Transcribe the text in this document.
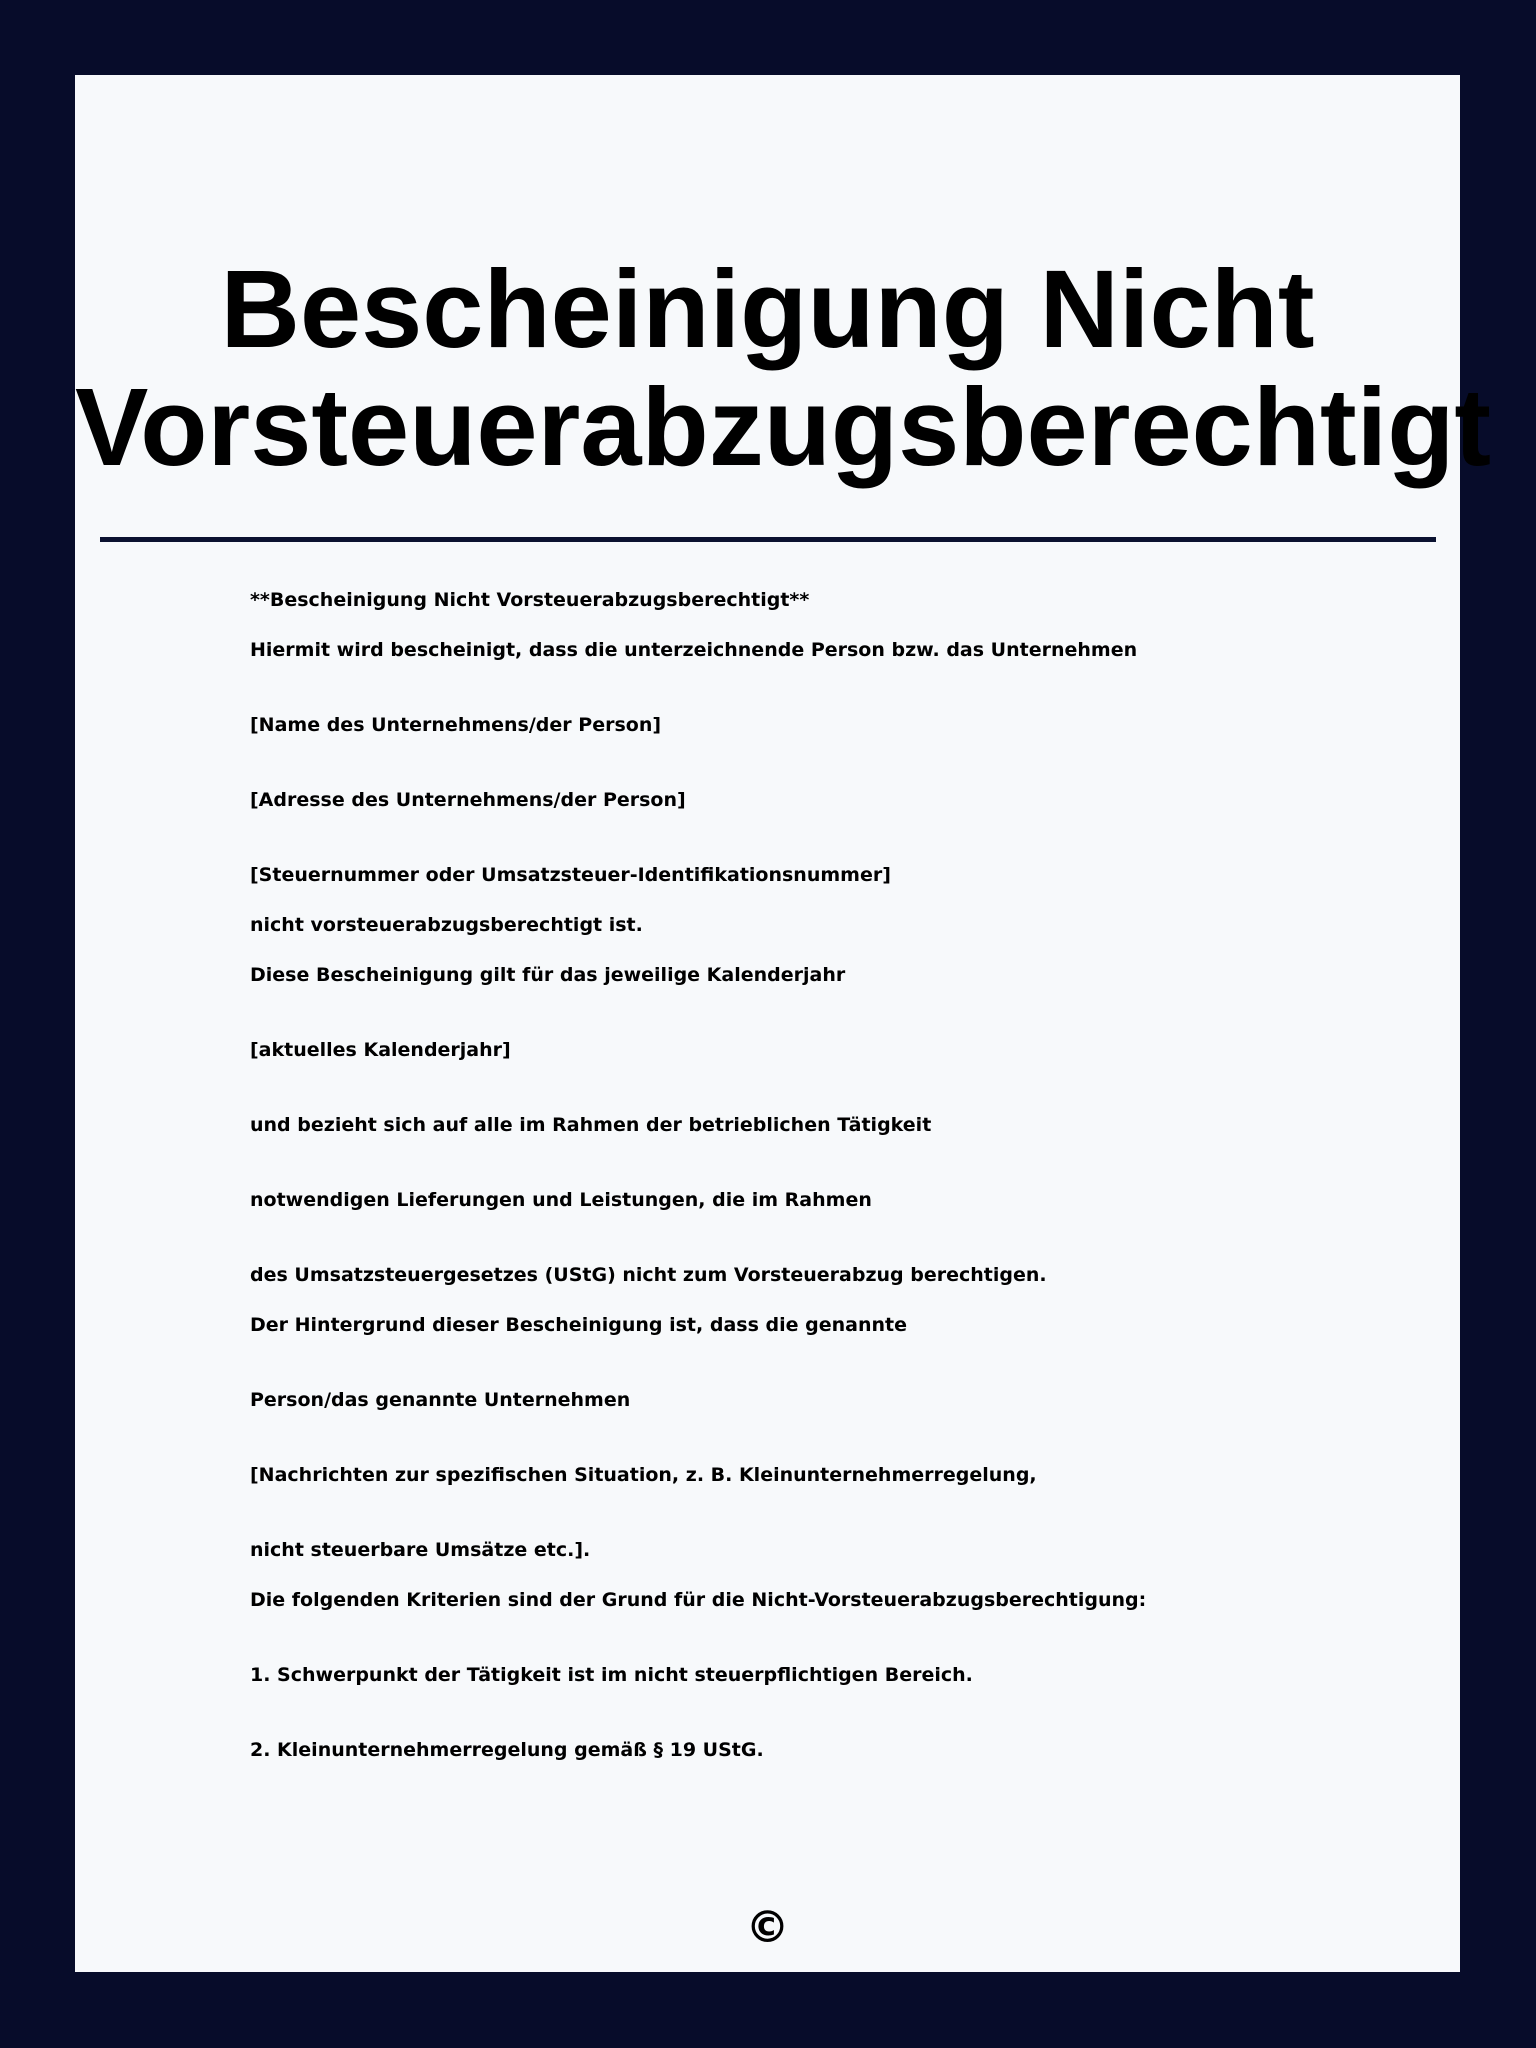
Bescheinigung Nicht Vorsteuerabzugsberechtigt
**Bescheinigung Nicht Vorsteuerabzugsberechtigt**
Hiermit wird bescheinigt, dass die unterzeichnende Person bzw. das Unternehmen
[Name des Unternehmens/der Person]
[Adresse des Unternehmens/der Person]
[Steuernummer oder Umsatzsteuer-Identifikationsnummer]
nicht vorsteuerabzugsberechtigt ist.
Diese Bescheinigung gilt für das jeweilige Kalenderjahr
[aktuelles Kalenderjahr]
und bezieht sich auf alle im Rahmen der betrieblichen Tätigkeit
notwendigen Lieferungen und Leistungen, die im Rahmen
des Umsatzsteuergesetzes (UStG) nicht zum Vorsteuerabzug berechtigen.
Der Hintergrund dieser Bescheinigung ist, dass die genannte
Person/das genannte Unternehmen
[Nachrichten zur spezifischen Situation, z. B. Kleinunternehmerregelung,
nicht steuerbare Umsätze etc.].
Die folgenden Kriterien sind der Grund für die Nicht-Vorsteuerabzugsberechtigung:
1. Schwerpunkt der Tätigkeit ist im nicht steuerpflichtigen Bereich.
2. Kleinunternehmerregelung gemäß § 19 UStG.
©
